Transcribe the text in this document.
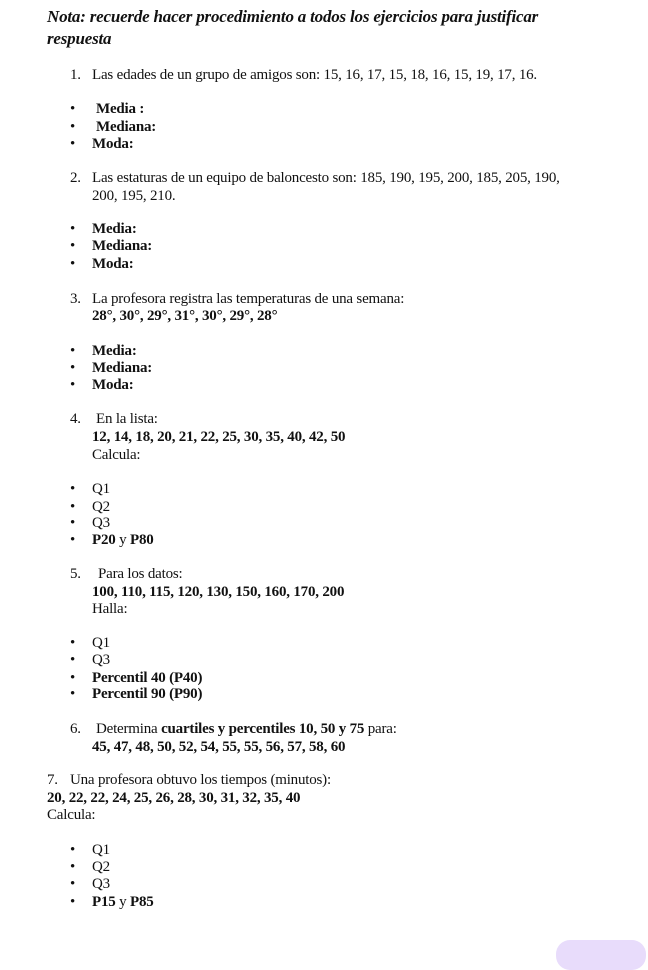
Nota: recuerde hacer procedimiento a todos los ejercicios para justificar
respuesta
1. Las edades de un grupo de amigos son: 15, 16, 17, 15, 18, 16, 15, 19, 17, 16.
• Media :
• Mediana:
• Moda:
2. Las estaturas de un equipo de baloncesto son: 185, 190, 195, 200, 185, 205, 190,
200, 195, 210.
• Media:
• Mediana:
• Moda:
3. La profesora registra las temperaturas de una semana:
28°, 30°, 29°, 31°, 30°, 29°, 28°
• Media:
• Mediana:
• Moda:
4. En la lista:
12, 14, 18, 20, 21, 22, 25, 30, 35, 40, 42, 50
Calcula:
• Q1
• Q2
• Q3
• P20 y P80
5. Para los datos:
100, 110, 115, 120, 130, 150, 160, 170, 200
Halla:
• Q1
• Q3
• Percentil 40 (P40)
• Percentil 90 (P90)
6. Determina cuartiles y percentiles 10, 50 y 75 para:
45, 47, 48, 50, 52, 54, 55, 55, 56, 57, 58, 60
7. Una profesora obtuvo los tiempos (minutos):
20, 22, 22, 24, 25, 26, 28, 30, 31, 32, 35, 40
Calcula:
• Q1
• Q2
• Q3
• P15 y P85
